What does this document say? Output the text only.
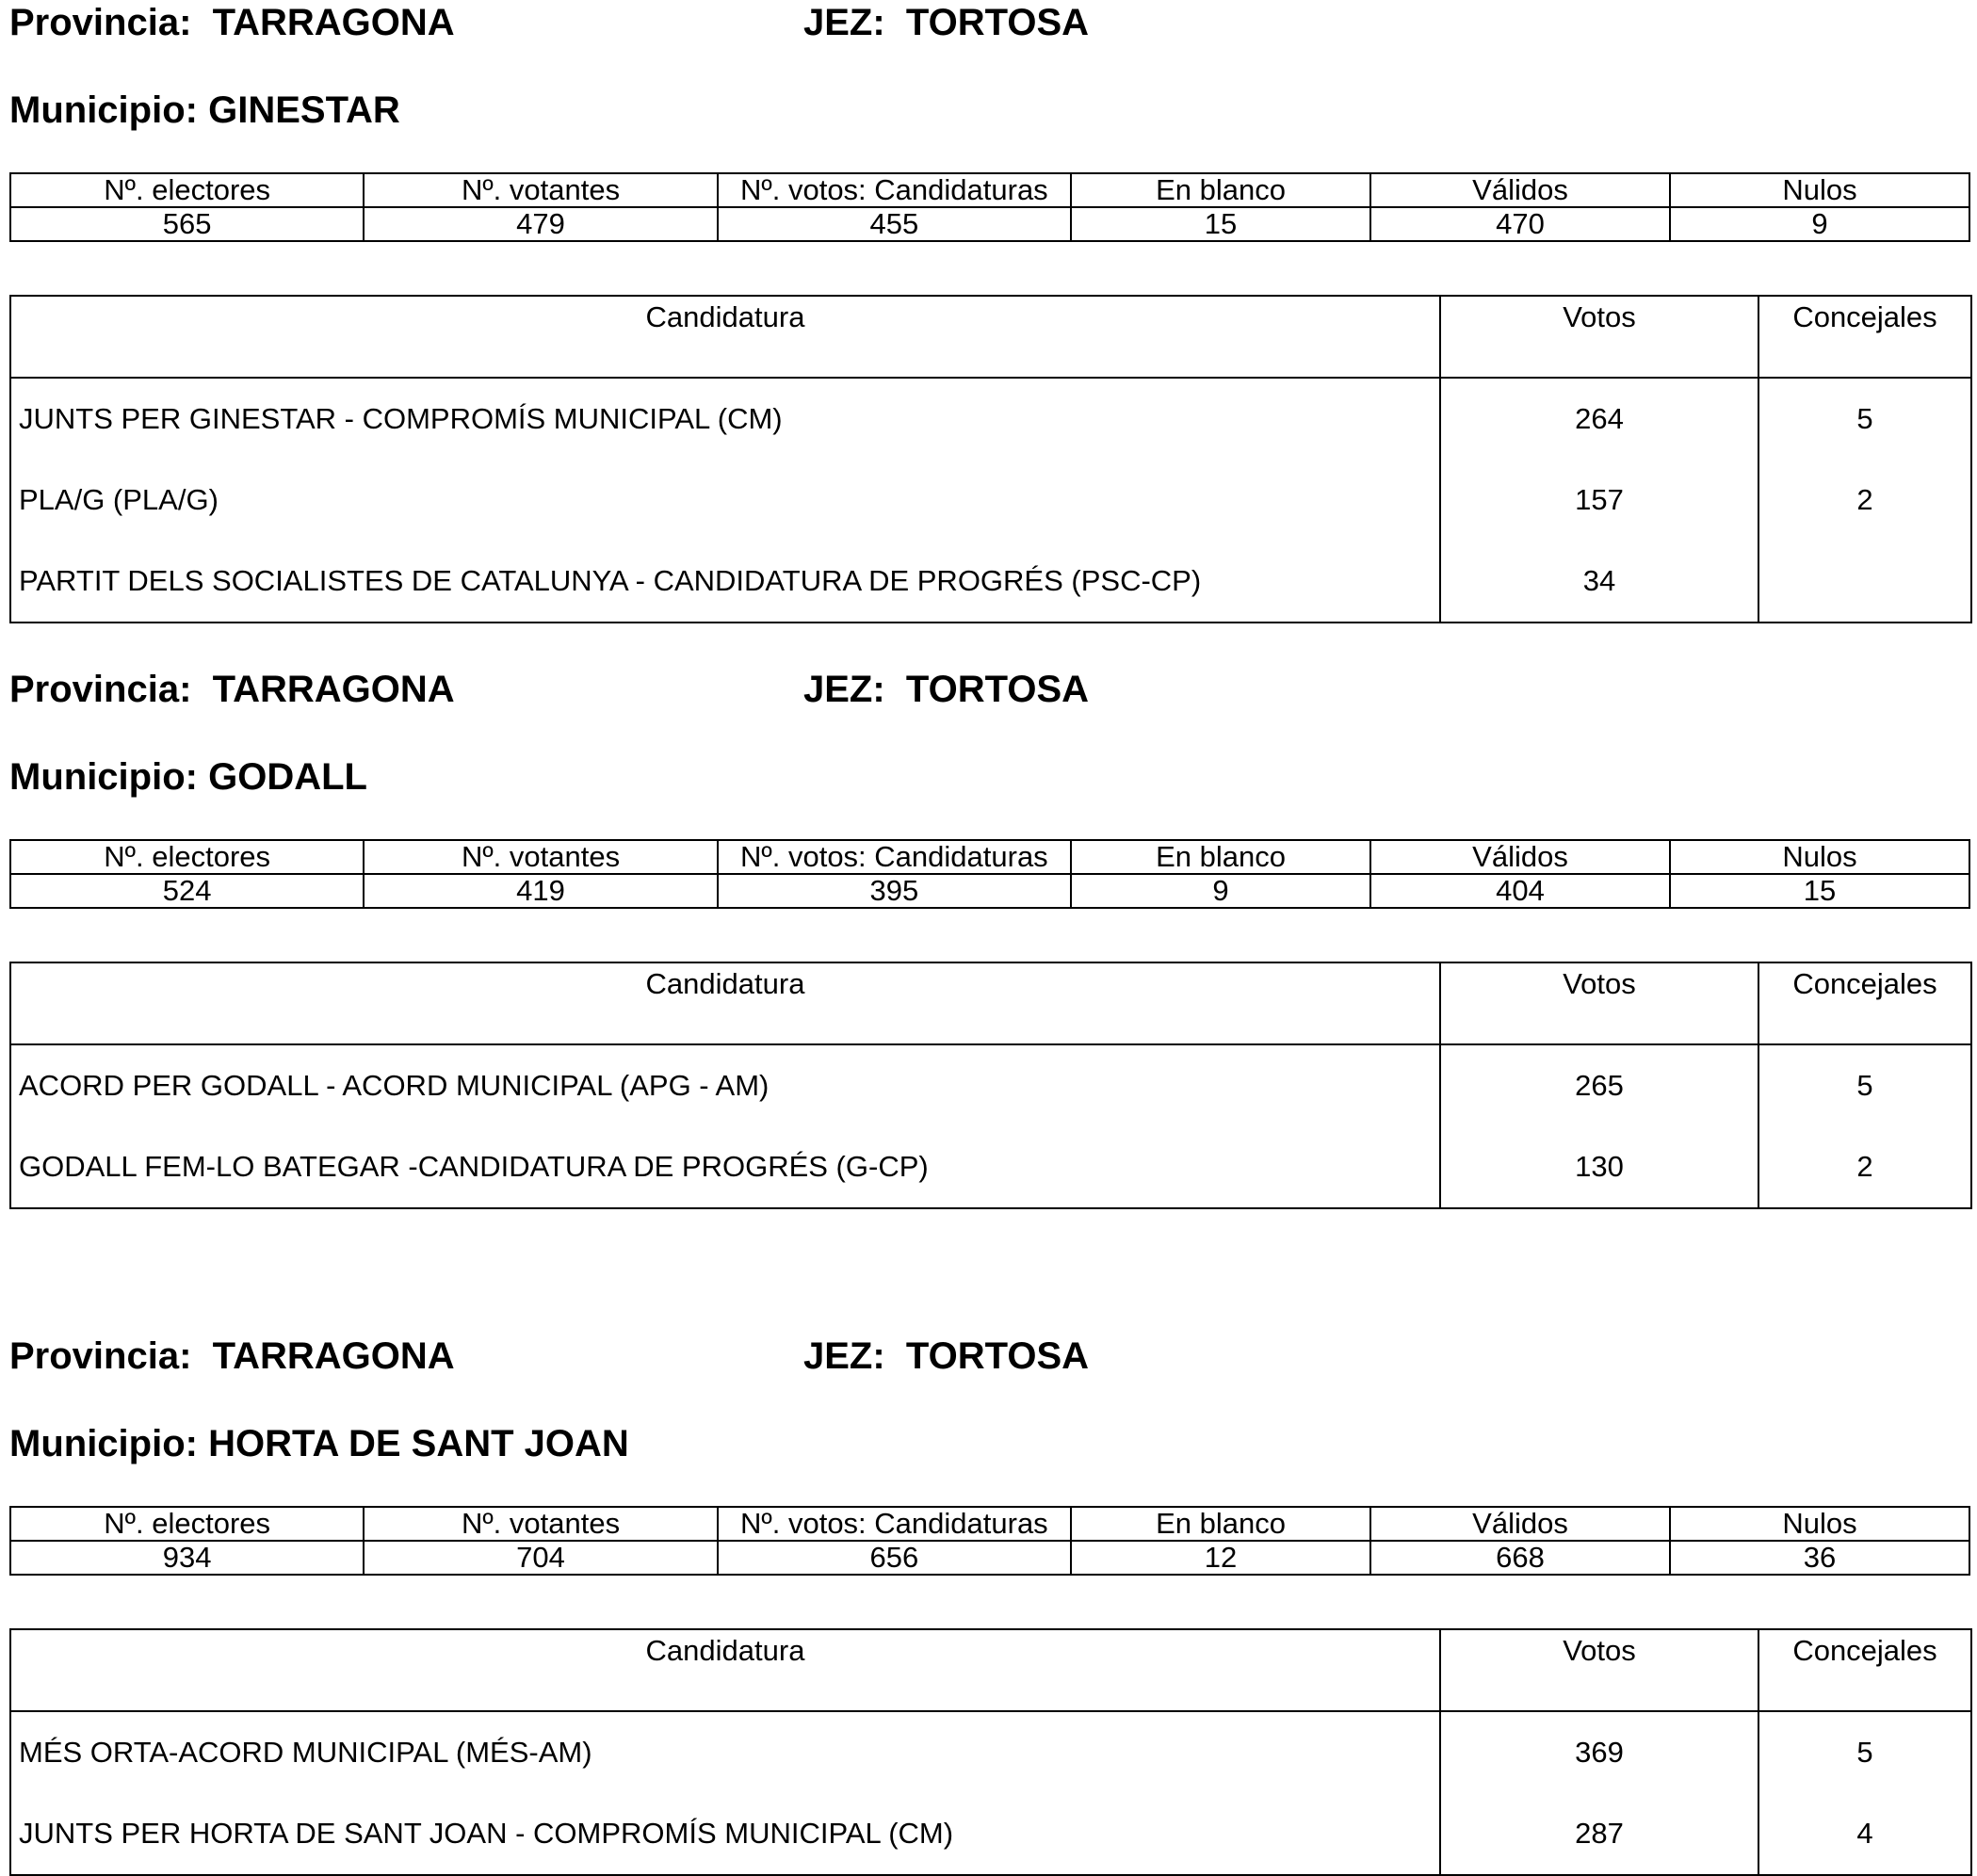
Provincia: TARRAGONA	JEZ: TORTOSA
Municipio: GINESTAR
Nº. electores	Nº. votantes	Nº. votos: Candidaturas	En blanco	Válidos	Nulos
565	479	455	15	470	9
Candidatura	Votos	Concejales
JUNTS PER GINESTAR - COMPROMÍS MUNICIPAL (CM)	264	5
PLA/G (PLA/G)	157	2
PARTIT DELS SOCIALISTES DE CATALUNYA - CANDIDATURA DE PROGRÉS (PSC-CP)	34	
Provincia: TARRAGONA	JEZ: TORTOSA
Municipio: GODALL
Nº. electores	Nº. votantes	Nº. votos: Candidaturas	En blanco	Válidos	Nulos
524	419	395	9	404	15
Candidatura	Votos	Concejales
ACORD PER GODALL - ACORD MUNICIPAL (APG - AM)	265	5
GODALL FEM-LO BATEGAR -CANDIDATURA DE PROGRÉS (G-CP)	130	2
Provincia: TARRAGONA	JEZ: TORTOSA
Municipio: HORTA DE SANT JOAN
Nº. electores	Nº. votantes	Nº. votos: Candidaturas	En blanco	Válidos	Nulos
934	704	656	12	668	36
Candidatura	Votos	Concejales
MÉS ORTA-ACORD MUNICIPAL (MÉS-AM)	369	5
JUNTS PER HORTA DE SANT JOAN - COMPROMÍS MUNICIPAL (CM)	287	4
